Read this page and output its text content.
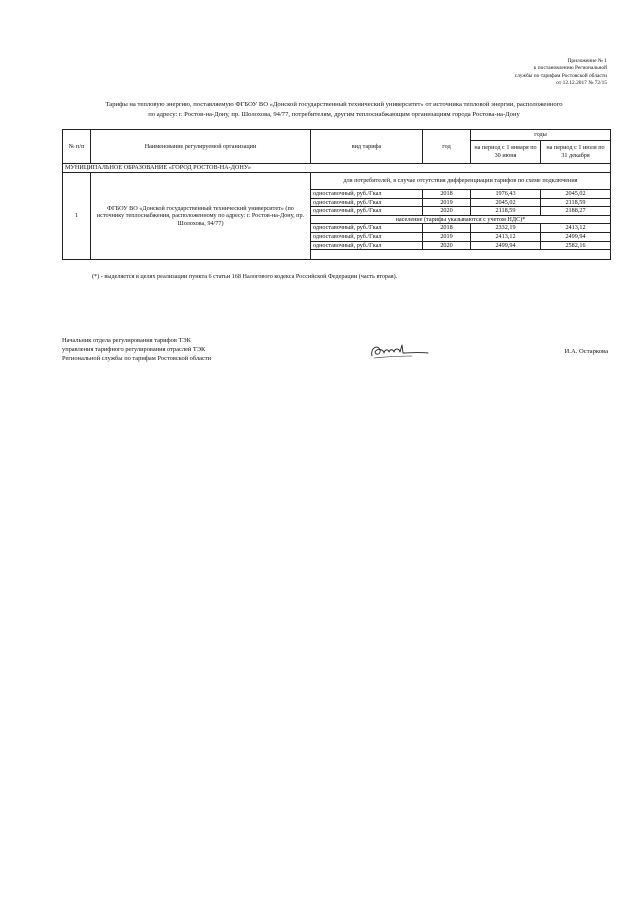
Приложение № 1
к постановлению Региональной
службы по тарифам Ростовской области
от 12.12.2017 № 72/15
Тарифы на тепловую энергию, поставляемую ФГБОУ ВО «Донской государственный технический университет» от источника тепловой энергии, расположенного
по адресу: г. Ростов-на-Дону, пр. Шолохова, 94/77, потребителям, другим теплоснабжающим организациям города Ростова-на-Дону
№ п/п	Наименование регулируемой организации	вид тарифа	год	годы	
				на период с 1 января по 30 июня	на период с 1 июля по 31 декабря
МУНИЦИПАЛЬНОЕ ОБРАЗОВАНИЕ «ГОРОД РОСТОВ-НА-ДОНУ»					
1	ФГБОУ ВО «Донской государственный технический университет» (по источнику теплоснабжения, расположенному по адресу: г. Ростов-на-Дону, пр. Шолохова, 94/77)	для потребителей, в случае отсутствия дифференциации тарифов по схеме подключения			
		одноставочный, руб./Гкал	2018	1976,43	2045,02
		одноставочный, руб./Гкал	2019	2045,02	2118,59
		одноставочный, руб./Гкал	2020	2118,59	2188,27
		население (тарифы указываются с учетом НДС)*			
		одноставочный, руб./Гкал	2018	2332,19	2413,12
		одноставочный, руб./Гкал	2019	2413,12	2499,94
		одноставочный, руб./Гкал	2020	2499,94	2582,16

(*) - выделяется в целях реализации пункта 6 статьи 168 Налогового кодекса Российской Федерации (часть вторая).
Начальник отдела регулирования тарифов ТЭК
управления тарифного регулирования отраслей ТЭК
Региональной службы по тарифам Ростовской области
И.А. Остаркова
